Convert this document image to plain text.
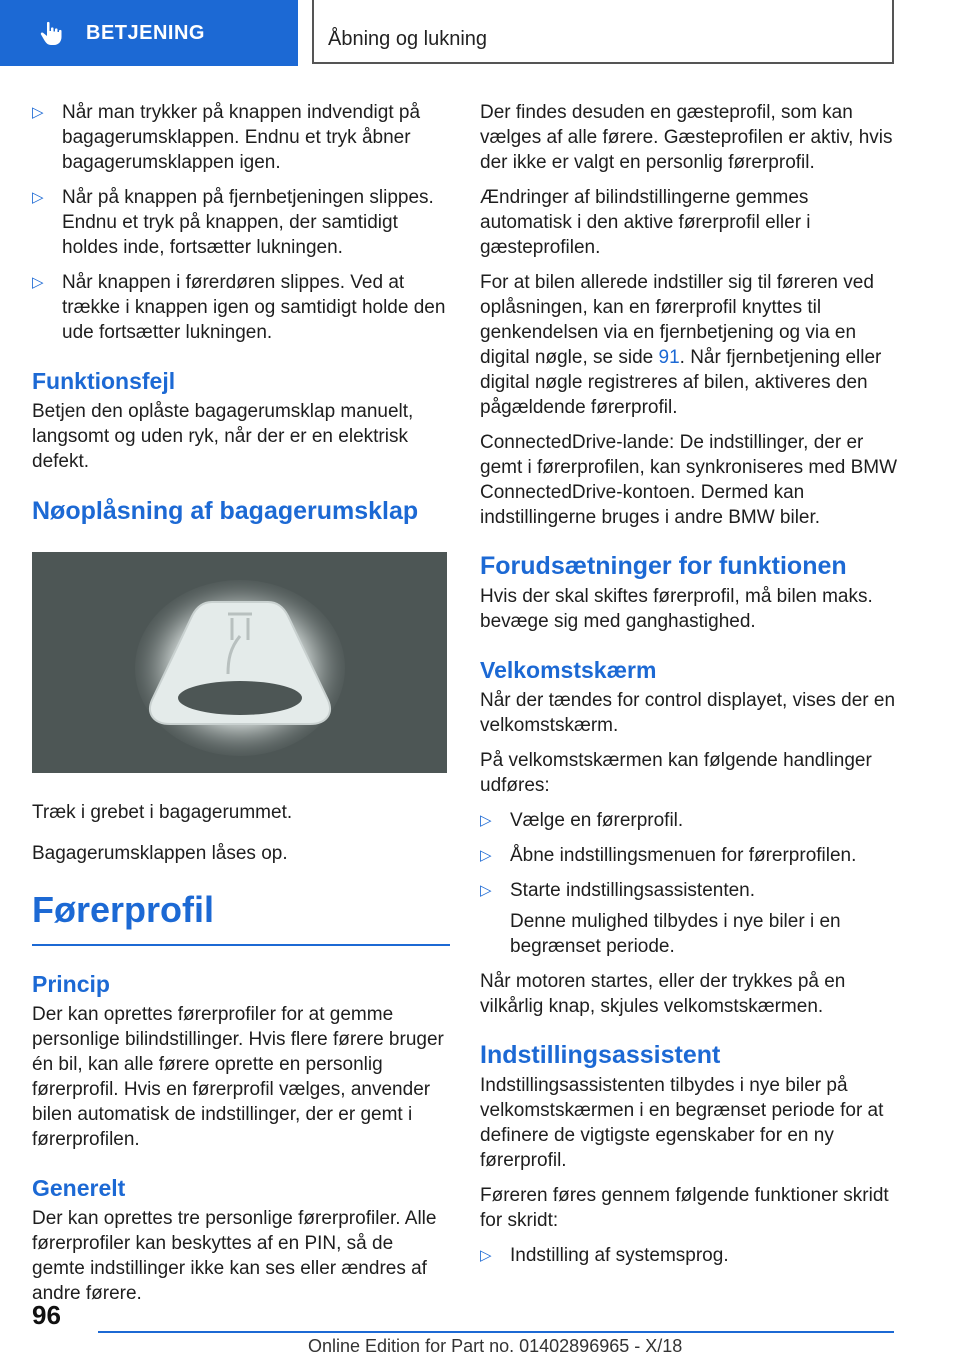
BETJENING	Åbning og lukning
▷ Når man trykker på knappen indvendigt på bagagerumsklappen. Endnu et tryk åbner bagagerumsklappen igen.
▷ Når på knappen på fjernbetjeningen slippes. Endnu et tryk på knappen, der samtidigt holdes inde, fortsætter lukningen.
▷ Når knappen i førerdøren slippes. Ved at trække i knappen igen og samtidigt holde den ude fortsætter lukningen.
Funktionsfejl

Betjen den oplåste bagagerumsklap manuelt, langsomt og uden ryk, når der er en elektrisk defekt.

Nøoplåsning af bagagerumsklap

Træk i grebet i bagagerummet.

Bagagerumsklappen låses op.

Førerprofil
Princip

Der kan oprettes førerprofiler for at gemme personlige bilindstillinger. Hvis flere førere bruger én bil, kan alle førere oprette en personlig førerprofil. Hvis en førerprofil vælges, anvender bilen automatisk de indstillinger, der er gemt i førerprofilen.

Generelt

Der kan oprettes tre personlige førerprofiler. Alle førerprofiler kan beskyttes af en PIN, så de gemte indstillinger ikke kan ses eller ændres af andre førere.

Der findes desuden en gæsteprofil, som kan vælges af alle førere. Gæsteprofilen er aktiv, hvis der ikke er valgt en personlig førerprofil.

Ændringer af bilindstillingerne gemmes automatisk i den aktive førerprofil eller i gæsteprofilen.

For at bilen allerede indstiller sig til føreren ved oplåsningen, kan en førerprofil knyttes til genkendelsen via en fjernbetjening og via en digital nøgle, se side 91. Når fjernbetjening eller digital nøgle registreres af bilen, aktiveres den pågældende førerprofil.

ConnectedDrive-lande: De indstillinger, der er gemt i førerprofilen, kan synkroniseres med BMW ConnectedDrive-kontoen. Dermed kan indstillingerne bruges i andre BMW biler.

Forudsætninger for funktionen

Hvis der skal skiftes førerprofil, må bilen maks. bevæge sig med ganghastighed.

Velkomstskærm

Når der tændes for control displayet, vises der en velkomstskærm.

På velkomstskærmen kan følgende handlinger udføres:

▷ Vælge en førerprofil.
▷ Åbne indstillingsmenuen for førerprofilen.
▷ Starte indstillingsassistenten.

Denne mulighed tilbydes i nye biler i en begrænset periode.

Når motoren startes, eller der trykkes på en vilkårlig knap, skjules velkomstskærmen.

Indstillingsassistent

Indstillingsassistenten tilbydes i nye biler på velkomstskærmen i en begrænset periode for at definere de vigtigste egenskaber for en ny førerprofil.

Føreren føres gennem følgende funktioner skridt for skridt:

▷ Indstilling af systemsprog.
96
Online Edition for Part no. 01402896965 - X/18
